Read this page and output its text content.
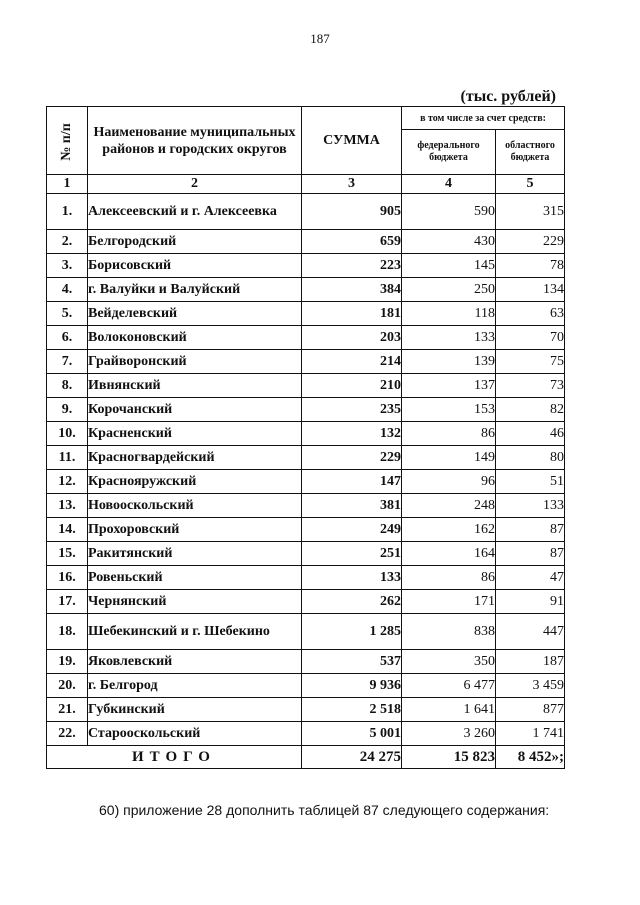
187
(тыс. рублей)
№ п/п	Наименование муниципальных районов и городских округов	СУММА	в том числе за счет средств:	
			федерального бюджета	областного бюджета
1	2	3	4	5
1.	Алексеевский и г. Алексеевка	905	590	315
2.	Белгородский	659	430	229
3.	Борисовский	223	145	78
4.	г. Валуйки и Валуйский	384	250	134
5.	Вейделевский	181	118	63
6.	Волоконовский	203	133	70
7.	Грайворонский	214	139	75
8.	Ивнянский	210	137	73
9.	Корочанский	235	153	82
10.	Красненский	132	86	46
11.	Красногвардейский	229	149	80
12.	Краснояружский	147	96	51
13.	Новооскольский	381	248	133
14.	Прохоровский	249	162	87
15.	Ракитянский	251	164	87
16.	Ровеньский	133	86	47
17.	Чернянский	262	171	91
18.	Шебекинский и г. Шебекино	1 285	838	447
19.	Яковлевский	537	350	187
20.	г. Белгород	9 936	6 477	3 459
21.	Губкинский	2 518	1 641	877
22.	Старооскольский	5 001	3 260	1 741
ИТОГО		24 275	15 823	8 452»;
60) приложение 28 дополнить таблицей 87 следующего содержания:
